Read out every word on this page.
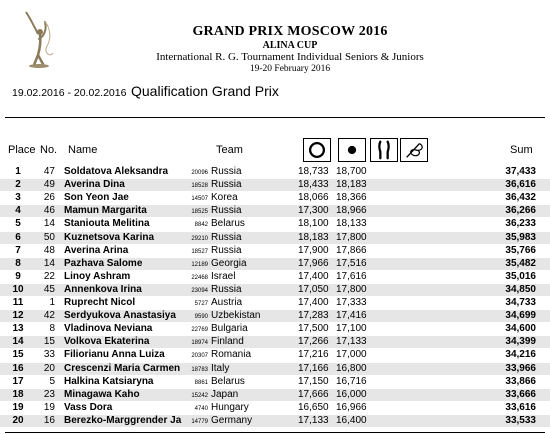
GRAND PRIX MOSCOW 2016
ALINA CUP
International R. G. Tournament Individual Seniors & Juniors
19-20 February 2016
19.02.2016 - 20.02.2016 Qualification Grand Prix
Place No. Name	Team	Sum
1	47 Soldatova Aleksandra	20096 Russia	18,733 18,700	37,433
2	49 Averina Dina	18528 Russia	18,433 18,183	36,616
3	26 Son Yeon Jae	14507 Korea	18,066 18,366	36,432
4	46 Mamun Margarita	18525 Russia	17,300 18,966	36,266
5	14 Staniouta Melitina	8842 Belarus	18,100 18,133	36,233
6	50 Kuznetsova Karina	29210 Russia	18,183 17,800	35,983
7	48 Averina Arina	18527 Russia	17,900 17,866	35,766
8	14 Pazhava Salome	12189 Georgia	17,966 17,516	35,482
9	22 Linoy Ashram	22468 Israel	17,400 17,616	35,016
10	45 Annenkova Irina	23094 Russia	17,050 17,800	34,850
11	1 Ruprecht Nicol	5727 Austria	17,400 17,333	34,733
12	42 Serdyukova Anastasiya	9590 Uzbekistan	17,283 17,416	34,699
13	8 Vladinova Neviana	22769 Bulgaria	17,500 17,100	34,600
14	15 Volkova Ekaterina	18974 Finland	17,266 17,133	34,399
15	33 Filiorianu Anna Luiza	20307 Romania	17,216 17,000	34,216
16	20 Crescenzi Maria Carmen	18783 Italy	17,166 16,800	33,966
17	5 Halkina Katsiaryna	8861 Belarus	17,150 16,716	33,866
18	23 Minagawa Kaho	15242 Japan	17,666 16,000	33,666
19	19 Vass Dora	4740 Hungary	16,650 16,966	33,616
20	16 Berezko-Marggrender Ja	14779 Germany	17,133 16,400	33,533
